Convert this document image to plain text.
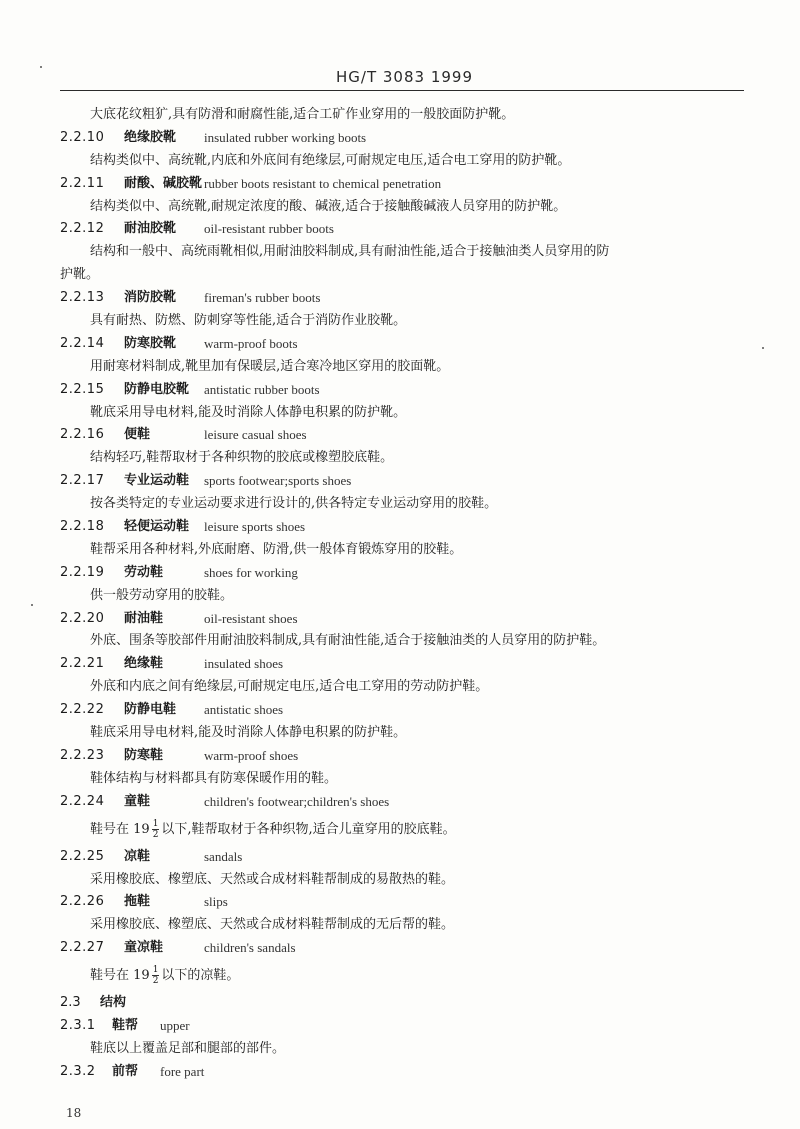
HG/T 3083 1999
大底花纹粗犷,具有防滑和耐腐性能,适合工矿作业穿用的一般胶面防护靴。
2.2.10 绝缘胶靴 insulated rubber working boots
结构类似中、高统靴,内底和外底间有绝缘层,可耐规定电压,适合电工穿用的防护靴。
2.2.11 耐酸、碱胶靴 rubber boots resistant to chemical penetration
结构类似中、高统靴,耐规定浓度的酸、碱液,适合于接触酸碱液人员穿用的防护靴。
2.2.12 耐油胶靴 oil-resistant rubber boots
结构和一般中、高统雨靴相似,用耐油胶料制成,具有耐油性能,适合于接触油类人员穿用的防
护靴。
2.2.13 消防胶靴 fireman's rubber boots
具有耐热、防燃、防刺穿等性能,适合于消防作业胶靴。
2.2.14 防寒胶靴 warm-proof boots
用耐寒材料制成,靴里加有保暖层,适合寒冷地区穿用的胶面靴。
2.2.15 防静电胶靴 antistatic rubber boots
靴底采用导电材料,能及时消除人体静电积累的防护靴。
2.2.16 便鞋	leisure casual shoes
结构轻巧,鞋帮取材于各种织物的胶底或橡塑胶底鞋。
2.2.17 专业运动鞋 sports footwear;sports shoes
按各类特定的专业运动要求进行设计的,供各特定专业运动穿用的胶鞋。
2.2.18 轻便运动鞋 leisure sports shoes
鞋帮采用各种材料,外底耐磨、防滑,供一般体育锻炼穿用的胶鞋。
2.2.19 劳动鞋	shoes for working
供一般劳动穿用的胶鞋。
2.2.20 耐油鞋	oil-resistant shoes
外底、围条等胶部件用耐油胶料制成,具有耐油性能,适合于接触油类的人员穿用的防护鞋。
2.2.21 绝缘鞋	insulated shoes
外底和内底之间有绝缘层,可耐规定电压,适合电工穿用的劳动防护鞋。
2.2.22 防静电鞋 antistatic shoes
鞋底采用导电材料,能及时消除人体静电积累的防护鞋。
2.2.23 防寒鞋	warm-proof shoes
鞋体结构与材料都具有防寒保暖作用的鞋。
2.2.24 童鞋	children's footwear;children's shoes
鞋号在 $19 \frac{1}{2}$ 以下,鞋帮取材于各种织物,适合儿童穿用的胶底鞋。
2.2.25 凉鞋	sandals
采用橡胶底、橡塑底、天然或合成材料鞋帮制成的易散热的鞋。
2.2.26 拖鞋	slips
采用橡胶底、橡塑底、天然或合成材料鞋帮制成的无后帮的鞋。
2.2.27 童凉鞋	children's sandals
鞋号在 $19 \frac{1}{2}$ 以下的凉鞋。
2.3 结构
2.3.1 鞋帮 upper
鞋底以上覆盖足部和腿部的部件。
2.3.2 前帮 fore part
18
